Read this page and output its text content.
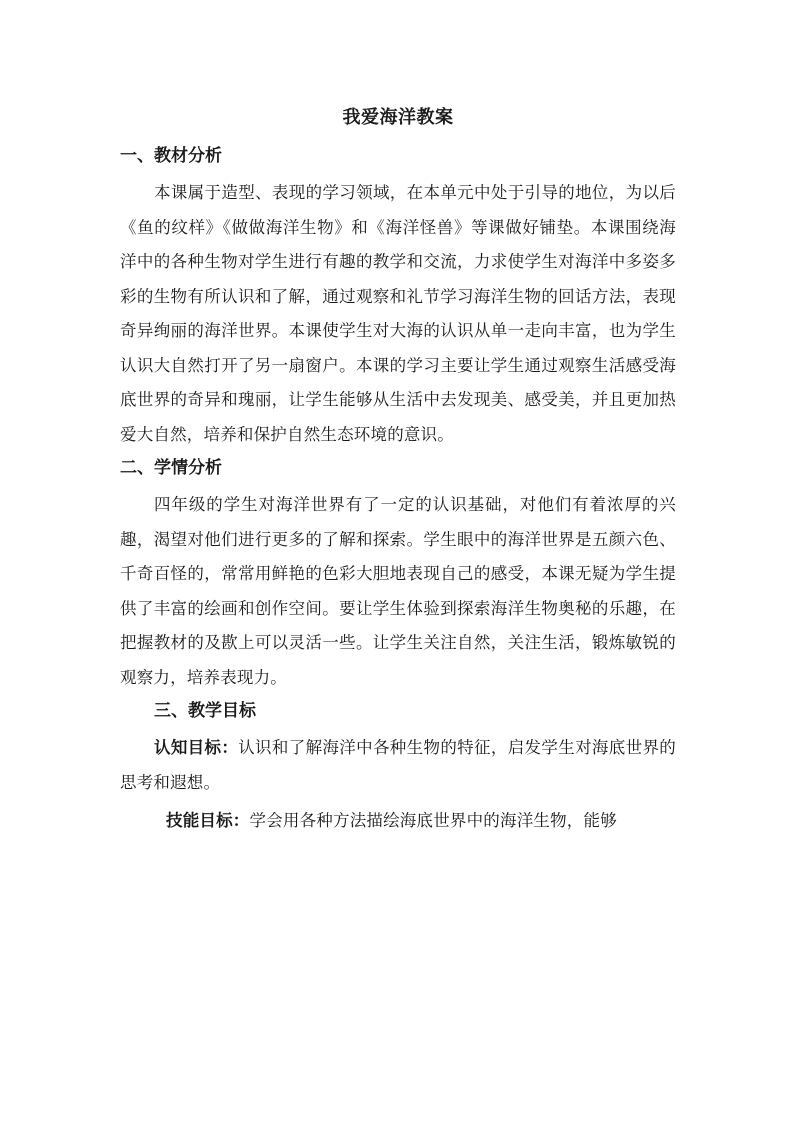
我爱海洋教案
一、教材分析
本课属于造型、表现的学习领域，在本单元中处于引导的地位，为以后《鱼的纹样》《做做海洋生物》和《海洋怪兽》等课做好铺垫。本课围绕海洋中的各种生物对学生进行有趣的教学和交流，力求使学生对海洋中多姿多彩的生物有所认识和了解，通过观察和礼节学习海洋生物的回话方法，表现奇异绚丽的海洋世界。本课使学生对大海的认识从单一走向丰富，也为学生认识大自然打开了另一扇窗户。本课的学习主要让学生通过观察生活感受海底世界的奇异和瑰丽，让学生能够从生活中去发现美、感受美，并且更加热爱大自然，培养和保护自然生态环境的意识。
二、学情分析
四年级的学生对海洋世界有了一定的认识基础，对他们有着浓厚的兴趣，渴望对他们进行更多的了解和探索。学生眼中的海洋世界是五颜六色、千奇百怪的，常常用鲜艳的色彩大胆地表现自己的感受，本课无疑为学生提供了丰富的绘画和创作空间。要让学生体验到探索海洋生物奥秘的乐趣，在把握教材的及歁上可以灵活一些。让学生关注自然，关注生活，锻炼敏锐的观察力，培养表现力。
三、教学目标
认知目标：认识和了解海洋中各种生物的特征，启发学生对海底世界的思考和遐想。
技能目标：学会用各种方法描绘海底世界中的海洋生物，能够
